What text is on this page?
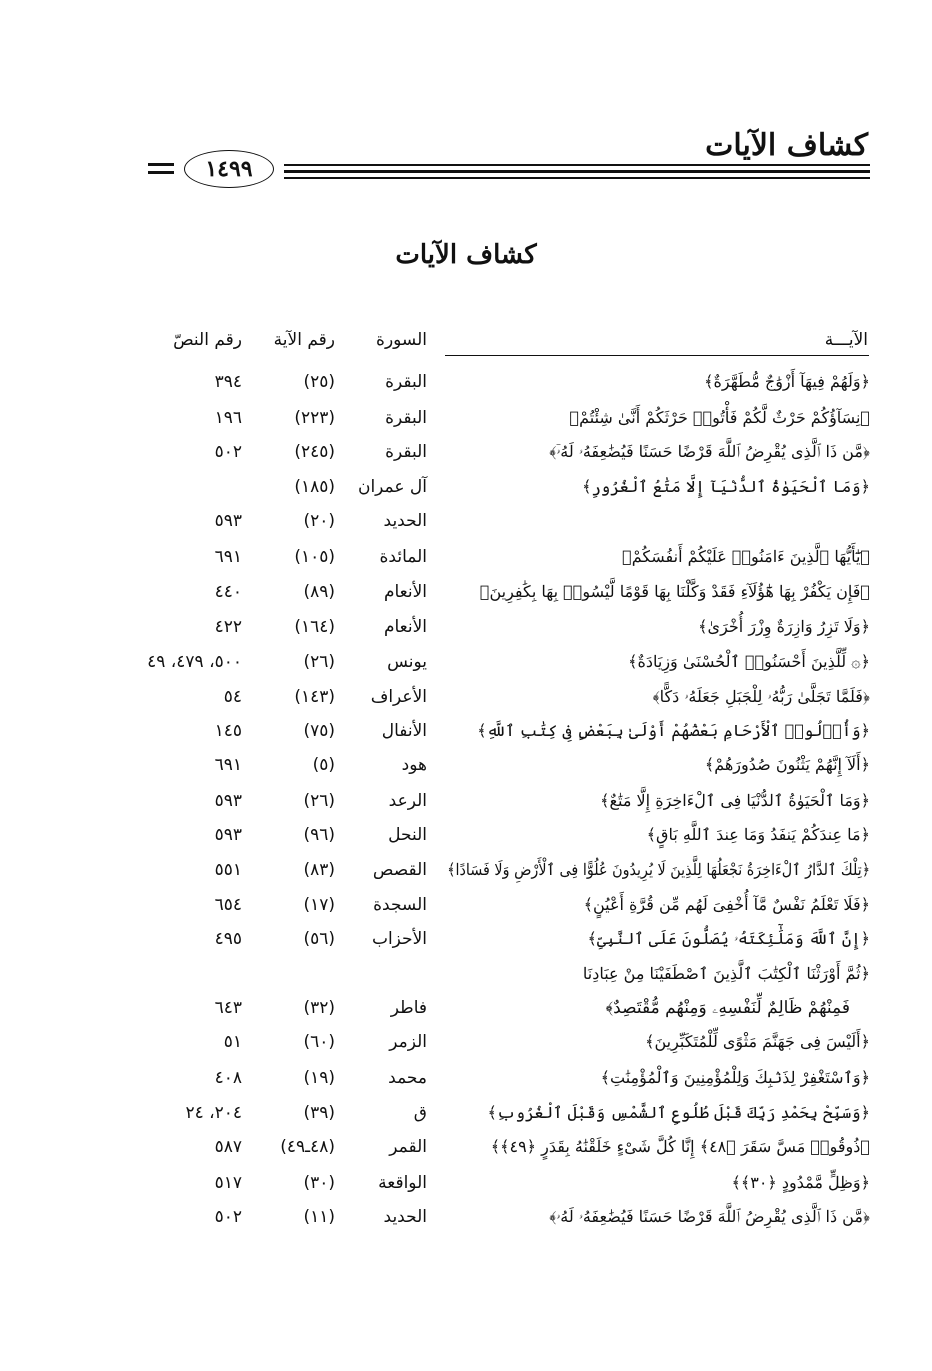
كشاف الآيات
١٤٩٩
كشاف الآيات
الآيـــة
السورة
رقم الآية
رقم النصّ
﴿وَلَهُمْ فِيهَآ أَزْوَٰجٌ مُّطَهَّرَةٌ﴾
البقرة
(٢٥)
٣٩٤
﴿نِسَآؤُكُمْ حَرْثٌ لَّكُمْ فَأْتُوا۟ حَرْثَكُمْ أَنَّىٰ شِئْتُمْ﴾
البقرة
(٢٢٣)
١٩٦
﴿مَّن ذَا ٱلَّذِى يُقْرِضُ ٱللَّهَ قَرْضًا حَسَنًا فَيُضَٰعِفَهُۥ لَهُۥٓ﴾
البقرة
(٢٤٥)
٥٠٢
﴿وَمَا ٱلْحَيَوٰةُ ٱلدُّنْيَآ إِلَّا مَتَٰعُ ٱلْغُرُورِ﴾
آل عمران
(١٨٥)
الحديد
(٢٠)
٥٩٣
﴿يَٰٓأَيُّهَا ٱلَّذِينَ ءَامَنُوا۟ عَلَيْكُمْ أَنفُسَكُمْ﴾
المائدة
(١٠٥)
٦٩١
﴿فَإِن يَكْفُرْ بِهَا هَٰٓؤُلَآءِ فَقَدْ وَكَّلْنَا بِهَا قَوْمًا لَّيْسُوا۟ بِهَا بِكَٰفِرِينَ﴾
الأنعام
(٨٩)
٤٤٠
﴿وَلَا تَزِرُ وَازِرَةٌ وِزْرَ أُخْرَىٰ﴾
الأنعام
(١٦٤)
٤٢٢
﴿۞ لِّلَّذِينَ أَحْسَنُوا۟ ٱلْحُسْنَىٰ وَزِيَادَةٌ﴾
يونس
(٢٦)
٥٠٠، ٤٧٩، ٤٩
﴿فَلَمَّا تَجَلَّىٰ رَبُّهُۥ لِلْجَبَلِ جَعَلَهُۥ دَكًّا﴾
الأعراف
(١٤٣)
٥٤
﴿وَأُو۟لُوا۟ ٱلْأَرْحَامِ بَعْضُهُمْ أَوْلَىٰ بِبَعْضٍ فِى كِتَٰبِ ٱللَّهِ﴾
الأنفال
(٧٥)
١٤٥
﴿أَلَآ إِنَّهُمْ يَثْنُونَ صُدُورَهُمْ﴾
هود
(٥)
٦٩١
﴿وَمَا ٱلْحَيَوٰةُ ٱلدُّنْيَا فِى ٱلْءَاخِرَةِ إِلَّا مَتَٰعٌ﴾
الرعد
(٢٦)
٥٩٣
﴿مَا عِندَكُمْ يَنفَدُ وَمَا عِندَ ٱللَّهِ بَاقٍ﴾
النحل
(٩٦)
٥٩٣
﴿تِلْكَ ٱلدَّارُ ٱلْءَاخِرَةُ نَجْعَلُهَا لِلَّذِينَ لَا يُرِيدُونَ عُلُوًّا فِى ٱلْأَرْضِ وَلَا فَسَادًا﴾
القصص
(٨٣)
٥٥١
﴿فَلَا تَعْلَمُ نَفْسٌ مَّآ أُخْفِىَ لَهُم مِّن قُرَّةِ أَعْيُنٍ﴾
السجدة
(١٧)
٦٥٤
﴿إِنَّ ٱللَّهَ وَمَلَٰٓئِكَتَهُۥ يُصَلُّونَ عَلَى ٱلنَّبِىِّ﴾
الأحزاب
(٥٦)
٤٩٥
﴿ثُمَّ أَوْرَثْنَا ٱلْكِتَٰبَ ٱلَّذِينَ ٱصْطَفَيْنَا مِنْ عِبَادِنَا
فاطر
(٣٢)
٦٤٣	فَمِنْهُمْ ظَالِمٌ لِّنَفْسِهِۦ وَمِنْهُم مُّقْتَصِدٌ﴾
﴿أَلَيْسَ فِى جَهَنَّمَ مَثْوًى لِّلْمُتَكَبِّرِينَ﴾
الزمر
(٦٠)
٥١
﴿وَٱسْتَغْفِرْ لِذَنۢبِكَ وَلِلْمُؤْمِنِينَ وَٱلْمُؤْمِنَٰتِ﴾
محمد
(١٩)
٤٠٨
﴿وَسَبِّحْ بِحَمْدِ رَبِّكَ قَبْلَ طُلُوعِ ٱلشَّمْسِ وَقَبْلَ ٱلْغُرُوبِ﴾
ق
(٣٩)
٢٠٤، ٢٤
﴿ذُوقُوا۟ مَسَّ سَقَرَ ﴿٤٨﴾ إِنَّا كُلَّ شَىْءٍ خَلَقْنَٰهُ بِقَدَرٍ ﴿٤٩﴾﴾
القمر
(٤٨ـ٤٩)
٥٨٧
﴿وَظِلٍّ مَّمْدُودٍ ﴿٣٠﴾﴾
الواقعة
(٣٠)
٥١٧
﴿مَّن ذَا ٱلَّذِى يُقْرِضُ ٱللَّهَ قَرْضًا حَسَنًا فَيُضَٰعِفَهُۥ لَهُۥ﴾
الحديد
(١١)
٥٠٢
